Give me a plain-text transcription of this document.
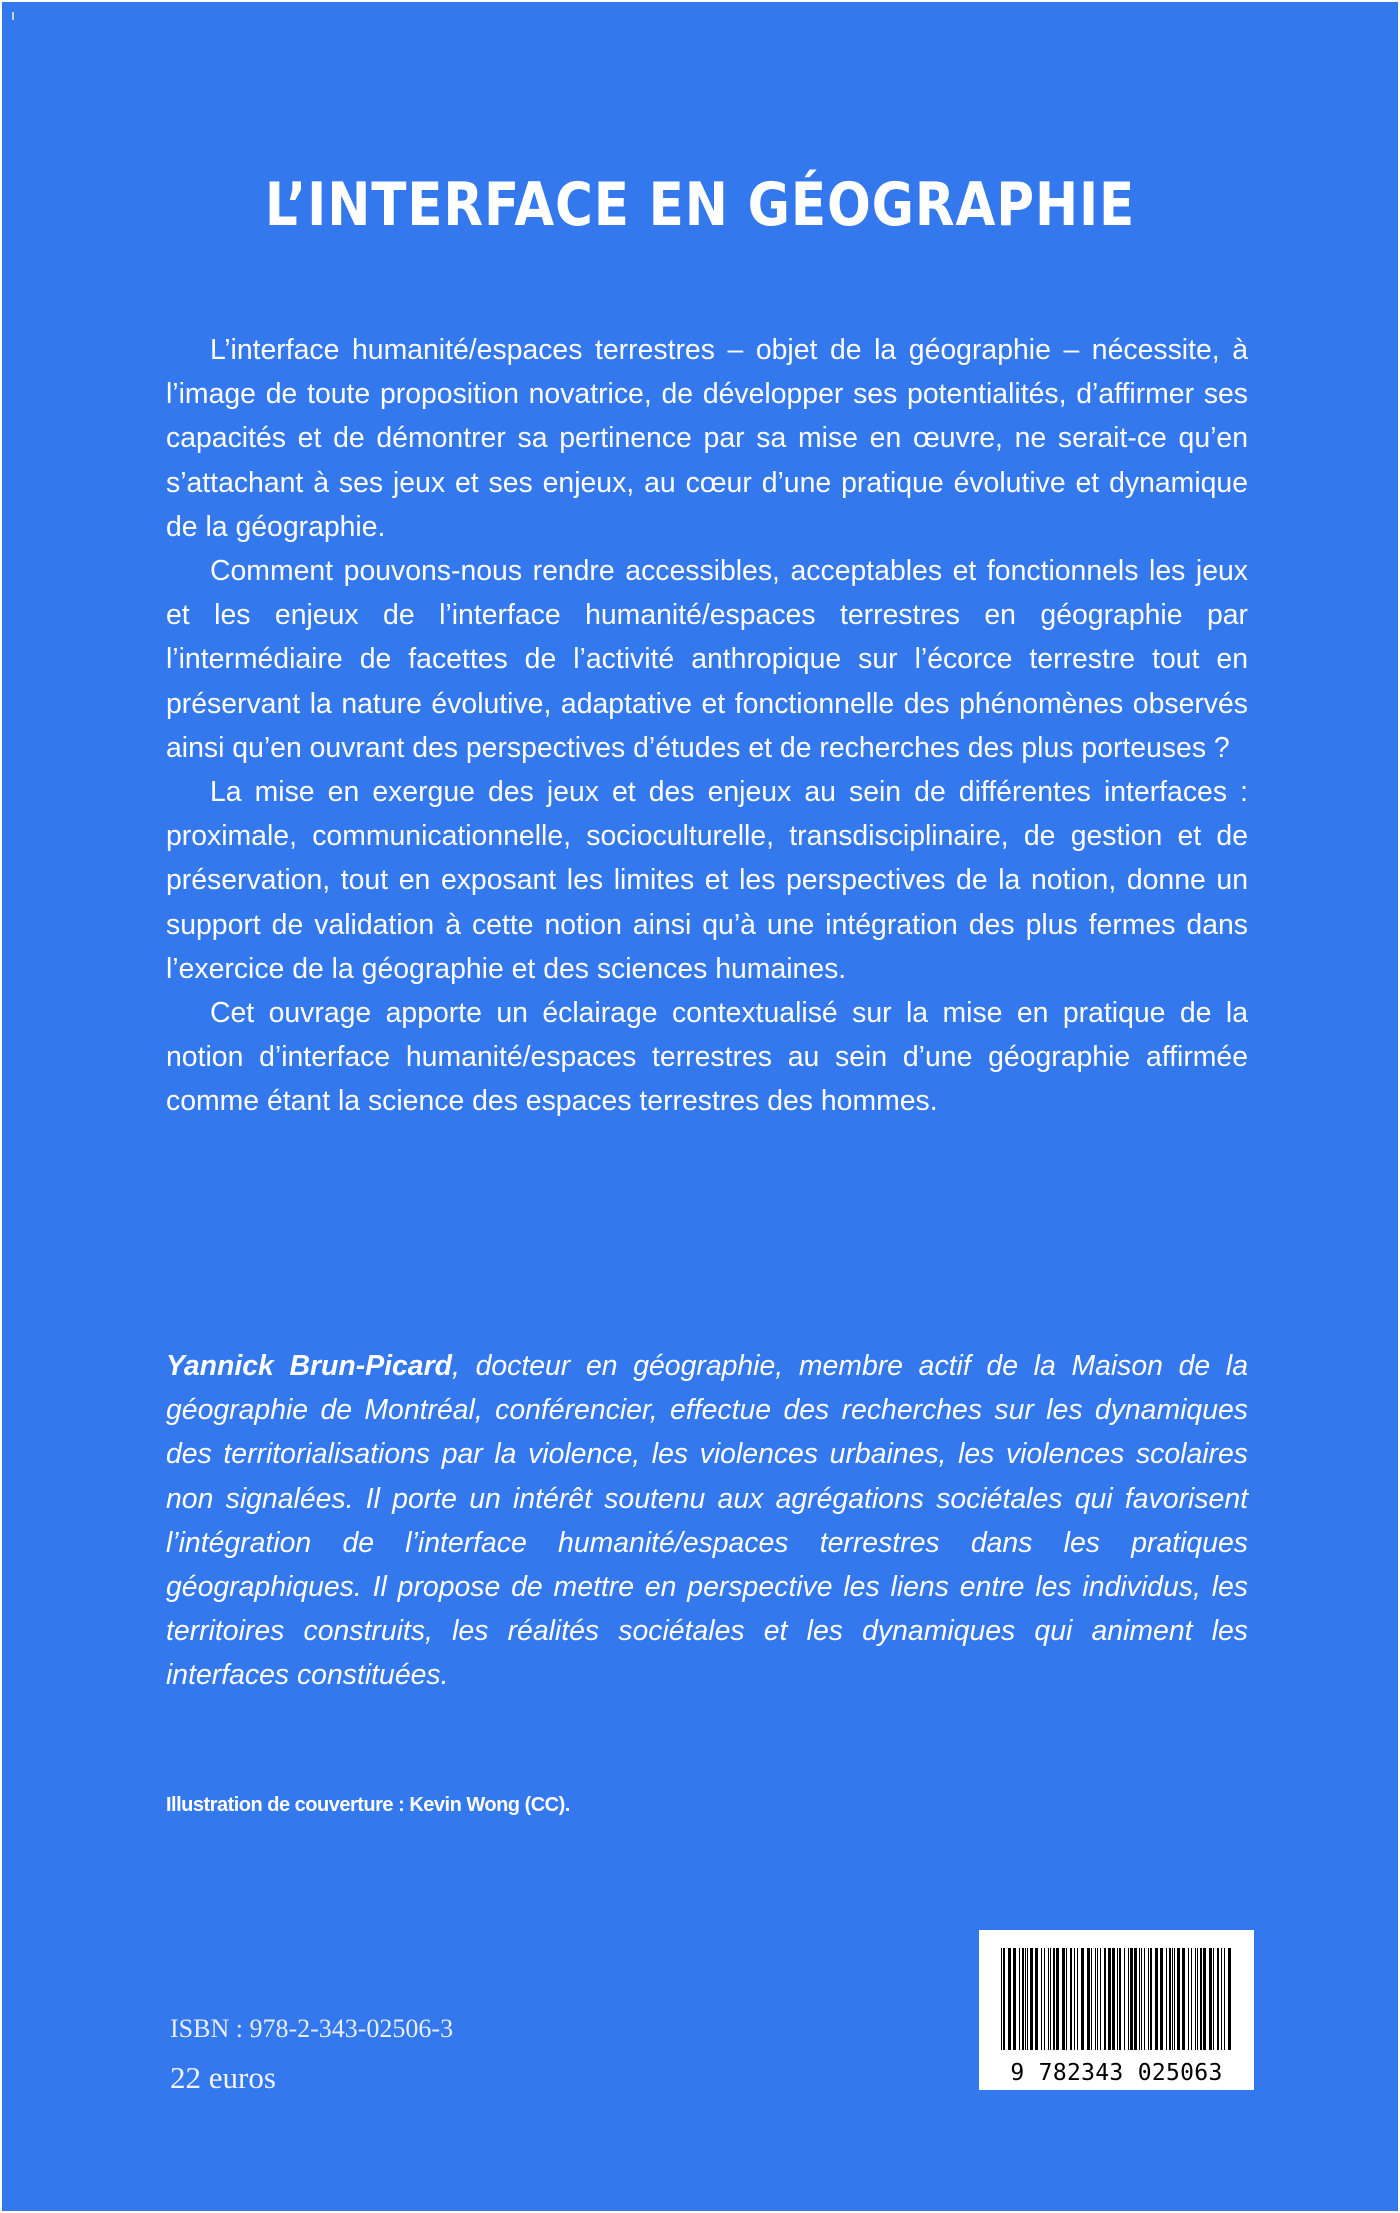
L’INTERFACE EN GÉOGRAPHIE

L’interface humanité/espaces terrestres – objet de la géographie – nécessite, à l’image de toute proposition novatrice, de développer ses potentialités, d’affirmer ses capacités et de démontrer sa pertinence par sa mise en œuvre, ne serait-ce qu’en s’attachant à ses jeux et ses enjeux, au cœur d’une pratique évolutive et dynamique de la géographie.

Comment pouvons-nous rendre accessibles, acceptables et fonctionnels les jeux et les enjeux de l’interface humanité/espaces terrestres en géographie par l’intermédiaire de facettes de l’activité anthropique sur l’écorce terrestre tout en préservant la nature évolutive, adaptative et fonctionnelle des phénomènes observés ainsi qu’en ouvrant des perspectives d’études et de recherches des plus porteuses ?

La mise en exergue des jeux et des enjeux au sein de différentes interfaces : proximale, communicationnelle, socioculturelle, transdisciplinaire, de gestion et de préservation, tout en exposant les limites et les perspectives de la notion, donne un support de validation à cette notion ainsi qu’à une intégration des plus fermes dans l’exercice de la géographie et des sciences humaines.

Cet ouvrage apporte un éclairage contextualisé sur la mise en pratique de la notion d’interface humanité/espaces terrestres au sein d’une géographie affirmée comme étant la science des espaces terrestres des hommes.

Yannick Brun-Picard, docteur en géographie, membre actif de la Maison de la géographie de Montréal, conférencier, effectue des recherches sur les dynamiques des territorialisations par la violence, les violences urbaines, les violences scolaires non signalées. Il porte un intérêt soutenu aux agrégations sociétales qui favorisent l’intégration de l’interface humanité/espaces terrestres dans les pratiques géographiques. Il propose de mettre en perspective les liens entre les individus, les territoires construits, les réalités sociétales et les dynamiques qui animent les interfaces constituées.

Illustration de couverture : Kevin Wong (CC).
ISBN : 978-2-343-02506-3
22 euros	9 782343 025063
